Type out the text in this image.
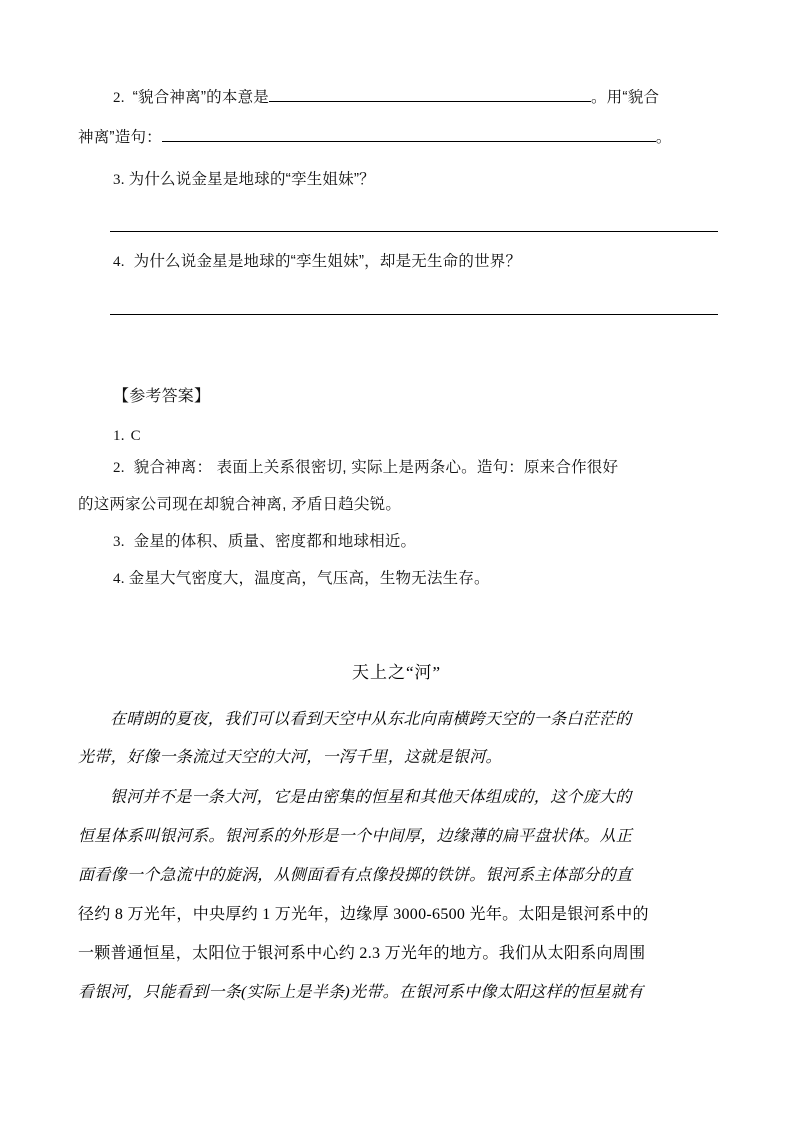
2. “貌合神离”的本意是	。用“貌合
神离”造句：	。
3. 为什么说金星是地球的“孪生姐妹”？
4. 为什么说金星是地球的“孪生姐妹”，却是无生命的世界？
【参考答案】
1. C
2. 貌合神离： 表面上关系很密切, 实际上是两条心。造句：原来合作很好
的这两家公司现在却貌合神离, 矛盾日趋尖锐。
3. 金星的体积、质量、密度都和地球相近。
4. 金星大气密度大，温度高，气压高，生物无法生存。
天上之“河”
在晴朗的夏夜，我们可以看到天空中从东北向南横跨天空的一条白茫茫的
光带，好像一条流过天空的大河，一泻千里，这就是银河。
银河并不是一条大河，它是由密集的恒星和其他天体组成的，这个庞大的
恒星体系叫银河系。银河系的外形是一个中间厚，边缘薄的扁平盘状体。从正
面看像一个急流中的旋涡，从侧面看有点像投掷的铁饼。银河系主体部分的直
径约 8 万光年，中央厚约 1 万光年，边缘厚 3000-6500 光年。太阳是银河系中的
一颗普通恒星，太阳位于银河系中心约 2.3 万光年的地方。我们从太阳系向周围
看银河，只能看到一条(实际上是半条)光带。在银河系中像太阳这样的恒星就有
